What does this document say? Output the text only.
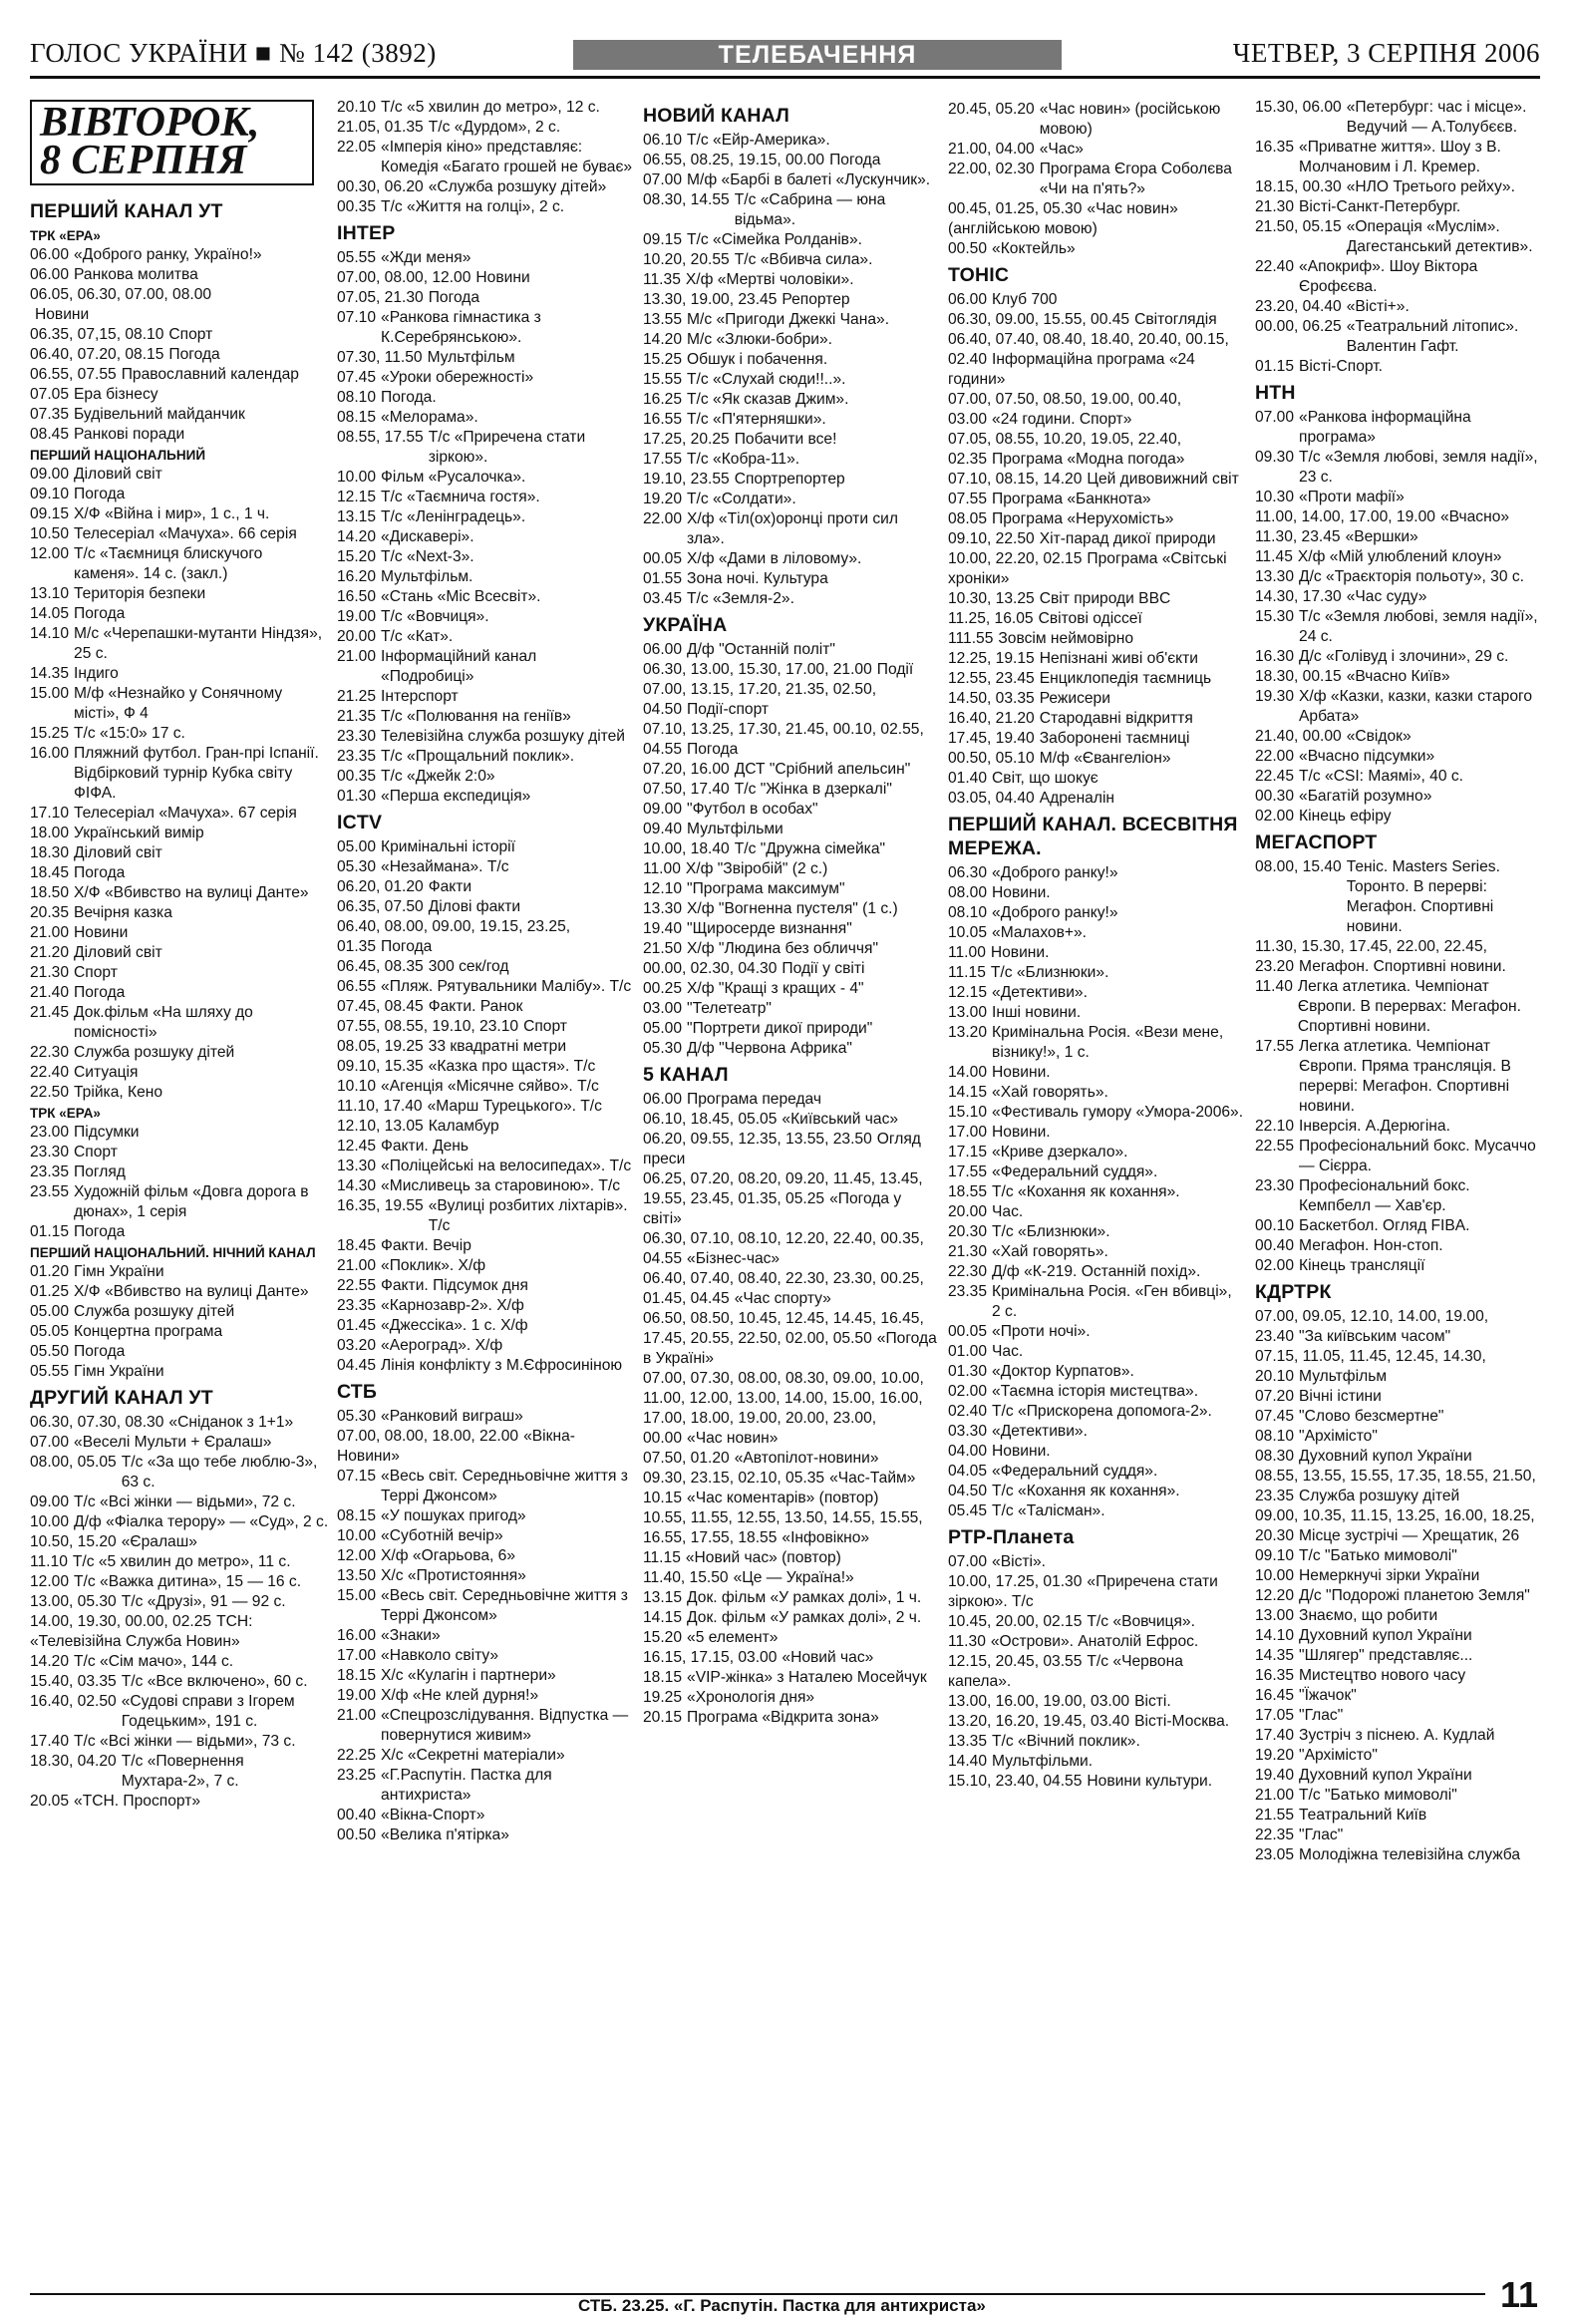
ГОЛОС УКРАЇНИ ■ № 142 (3892)	ТЕЛЕБАЧЕННЯ	ЧЕТВЕР, 3 СЕРПНЯ 2006
ВІВТОРОК,
8 СЕРПНЯ
ПЕРШИЙ КАНАЛ УТ
ТРК «ЕРА»
06.00 «Доброго ранку, Україно!»
06.00 Ранкова молитва
06.05, 06.30, 07.00, 08.00
Новини
06.35, 07,15, 08.10 Спорт
06.40, 07.20, 08.15 Погода
06.55, 07.55 Православний календар
07.05 Ера бізнесу
07.35 Будівельний майданчик
08.45 Ранкові поради
ПЕРШИЙ НАЦІОНАЛЬНИЙ
09.00 Діловий світ
09.10 Погода
09.15 Х/Ф «Війна і мир», 1 с., 1 ч.
10.50 Телесеріал «Мачуха». 66 серія
12.00 Т/с «Таємниця блискучого каменя». 14 с. (закл.)
13.10 Територія безпеки
14.05 Погода
14.10 М/с «Черепашки-мутанти Ніндзя», 25 с.
14.35 Індиго
15.00 М/ф «Незнайко у Сонячному місті», Ф 4
15.25 Т/с «15:0» 17 с.
16.00 Пляжний футбол. Гран-прі Іспанії. Відбірковий турнір Кубка світу ФІФА.
17.10 Телесеріал «Мачуха». 67 серія
18.00 Український вимір
18.30 Діловий світ
18.45 Погода
18.50 Х/Ф «Вбивство на вулиці Данте»
20.35 Вечірня казка
21.00 Новини
21.20 Діловий світ
21.30 Спорт
21.40 Погода
21.45 Док.фільм «На шляху до помісності»
22.30 Служба розшуку дітей
22.40 Ситуація
22.50 Трійка, Кено
ТРК «ЕРА»
23.00 Підсумки
23.30 Спорт
23.35 Погляд
23.55 Художній фільм «Довга дорога в дюнах», 1 серія
01.15 Погода
ПЕРШИЙ НАЦІОНАЛЬНИЙ. НІЧНИЙ КАНАЛ
01.20 Гімн України
01.25 Х/Ф «Вбивство на вулиці Данте»
05.00 Служба розшуку дітей
05.05 Концертна програма
05.50 Погода
05.55 Гімн України
ДРУГИЙ КАНАЛ УТ
06.30, 07.30, 08.30 «Сніданок з 1+1»
07.00 «Веселі Мульти + Єралаш»
08.00, 05.05 Т/с «За що тебе люблю-3», 63 с.
09.00 Т/с «Всі жінки — відьми», 72 с.
10.00 Д/ф «Фіалка терору» — «Суд», 2 с.
10.50, 15.20 «Єралаш»
11.10 Т/с «5 хвилин до метро», 11 с.
12.00 Т/с «Важка дитина», 15 — 16 с.
13.00, 05.30 Т/с «Друзі», 91 — 92 с.
14.00, 19.30, 00.00, 02.25 ТСН: «Телевізійна Служба Новин»
14.20 Т/с «Сім мачо», 144 с.
15.40, 03.35 Т/с «Все включено», 60 с.
16.40, 02.50 «Судові справи з Ігорем Годецьким», 191 с.
17.40 Т/с «Всі жінки — відьми», 73 с.
18.30, 04.20 Т/с «Повернення Мухтара-2», 7 с.
20.05 «ТСН. Проспорт»
20.10 Т/с «5 хвилин до метро», 12 с.
21.05, 01.35 Т/с «Дурдом», 2 с.
22.05 «Імперія кіно» представляє: Комедія «Багато грошей не буває»
00.30, 06.20 «Служба розшуку дітей»
00.35 Т/с «Життя на голці», 2 с.
ІНТЕР
05.55 «Жди меня»
07.00, 08.00, 12.00 Новини
07.05, 21.30 Погода
07.10 «Ранкова гімнастика з К.Серебрянською».
07.30, 11.50 Мультфільм
07.45 «Уроки обережності»
08.10 Погода.
08.15 «Мелорама».
08.55, 17.55 Т/с «Приречена стати зіркою».
10.00 Фільм «Русалочка».
12.15 Т/с «Таємнича гостя».
13.15 Т/с «Ленінградець».
14.20 «Дискавері».
15.20 Т/с «Next-3».
16.20 Мультфільм.
16.50 «Стань «Міс Всесвіт».
19.00 Т/с «Вовчиця».
20.00 Т/с «Кат».
21.00 Інформаційний канал «Подробиці»
21.25 Інтерспорт
21.35 Т/с «Полювання на геніїв»
23.30 Телевізійна служба розшуку дітей
23.35 Т/с «Прощальний поклик».
00.35 Т/с «Джейк 2:0»
01.30 «Перша експедиція»
ICTV
05.00 Кримінальні історії
05.30 «Незаймана». Т/с
06.20, 01.20 Факти
06.35, 07.50 Ділові факти
06.40, 08.00, 09.00, 19.15, 23.25, 01.35 Погода
06.45, 08.35 300 сек/год
06.55 «Пляж. Рятувальники Малібу». Т/с
07.45, 08.45 Факти. Ранок
07.55, 08.55, 19.10, 23.10 Спорт
08.05, 19.25 33 квадратні метри
09.10, 15.35 «Казка про щастя». Т/с
10.10 «Агенція «Місячне сяйво». Т/с
11.10, 17.40 «Марш Турецького». Т/с
12.10, 13.05 Каламбур
12.45 Факти. День
13.30 «Поліцейські на велосипедах». Т/с
14.30 «Мисливець за старовиною». Т/с
16.35, 19.55 «Вулиці розбитих ліхтарів». Т/с
18.45 Факти. Вечір
21.00 «Поклик». Х/ф
22.55 Факти. Підсумок дня
23.35 «Карнозавр-2». Х/ф
01.45 «Джессіка». 1 с. Х/ф
03.20 «Аероград». Х/ф
04.45 Лінія конфлікту з М.Єфросиніною
СТБ
05.30 «Ранковий виграш»
07.00, 08.00, 18.00, 22.00 «Вікна-Новини»
07.15 «Весь світ. Середньовічне життя з Террі Джонсом»
08.15 «У пошуках пригод»
10.00 «Суботній вечір»
12.00 Х/ф «Огарьова, 6»
13.50 Х/с «Протистояння»
15.00 «Весь світ. Середньовічне життя з Террі Джонсом»
16.00 «Знаки»
17.00 «Навколо світу»
18.15 Х/с «Кулагін і партнери»
19.00 Х/ф «Не клей дурня!»
21.00 «Спецрозслідування. Відпустка — повернутися живим»
22.25 Х/с «Секретні матеріали»
23.25 «Г.Распутін. Пастка для антихриста»
00.40 «Вікна-Спорт»
00.50 «Велика п'ятірка»
НОВИЙ КАНАЛ
06.10 Т/с «Ейр-Америка».
06.55, 08.25, 19.15, 00.00 Погода
07.00 М/ф «Барбі в балеті «Лускунчик».
08.30, 14.55 Т/с «Сабрина — юна відьма».
09.15 Т/с «Сімейка Ролданів».
10.20, 20.55 Т/с «Вбивча сила».
11.35 Х/ф «Мертві чоловіки».
13.30, 19.00, 23.45 Репортер
13.55 М/с «Пригоди Джеккі Чана».
14.20 М/с «Злюки-бобри».
15.25 Обшук і побачення.
15.55 Т/с «Слухай сюди!!..».
16.25 Т/с «Як сказав Джим».
16.55 Т/с «П'ятерняшки».
17.25, 20.25 Побачити все!
17.55 Т/с «Кобра-11».
19.10, 23.55 Спортрепортер
19.20 Т/с «Солдати».
22.00 Х/ф «Тіл(ох)оронці проти сил зла».
00.05 Х/ф «Дами в ліловому».
01.55 Зона ночі. Культура
03.45 Т/с «Земля-2».
УКРАЇНА
06.00 Д/ф "Останній політ"
06.30, 13.00, 15.30, 17.00, 21.00 Події
07.00, 13.15, 17.20, 21.35, 02.50, 04.50 Події-спорт
07.10, 13.25, 17.30, 21.45, 00.10, 02.55, 04.55 Погода
07.20, 16.00 ДСТ "Срібний апельсин"
07.50, 17.40 Т/с "Жінка в дзеркалі"
09.00 "Футбол в особах"
09.40 Мультфільми
10.00, 18.40 Т/с "Дружна сімейка"
11.00 Х/ф "Звіробій" (2 с.)
12.10 "Програма максимум"
13.30 Х/ф "Вогненна пустеля" (1 с.)
19.40 "Щиросерде визнання"
21.50 Х/ф "Людина без обличчя"
00.00, 02.30, 04.30 Події у світі
00.25 Х/ф "Кращі з кращих - 4"
03.00 "Телетеатр"
05.00 "Портрети дикої природи"
05.30 Д/ф "Червона Африка"
5 КАНАЛ
06.00 Програма передач
06.10, 18.45, 05.05 «Київський час»
06.20, 09.55, 12.35, 13.55, 23.50 Огляд преси
06.25, 07.20, 08.20, 09.20, 11.45, 13.45, 19.55, 23.45, 01.35, 05.25 «Погода у світі»
06.30, 07.10, 08.10, 12.20, 22.40, 00.35, 04.55 «Бізнес-час»
06.40, 07.40, 08.40, 22.30, 23.30, 00.25, 01.45, 04.45 «Час спорту»
06.50, 08.50, 10.45, 12.45, 14.45, 16.45, 17.45, 20.55, 22.50, 02.00, 05.50 «Погода в Україні»
07.00, 07.30, 08.00, 08.30, 09.00, 10.00, 11.00, 12.00, 13.00, 14.00, 15.00, 16.00, 17.00, 18.00, 19.00, 20.00, 23.00, 00.00 «Час новин»
07.50, 01.20 «Автопілот-новини»
09.30, 23.15, 02.10, 05.35 «Час-Тайм»
10.15 «Час коментарів» (повтор)
10.55, 11.55, 12.55, 13.50, 14.55, 15.55, 16.55, 17.55, 18.55 «Інфовікно»
11.15 «Новий час» (повтор)
11.40, 15.50 «Це — Україна!»
13.15 Док. фільм «У рамках долі», 1 ч.
14.15 Док. фільм «У рамках долі», 2 ч.
15.20 «5 елемент»
16.15, 17.15, 03.00 «Новий час»
18.15 «VIP-жінка» з Наталею Мосейчук
19.25 «Хронологія дня»
20.15 Програма «Відкрита зона»
20.45, 05.20 «Час новин» (російською мовою)
21.00, 04.00 «Час»
22.00, 02.30 Програма Єгора Соболєва «Чи на п'ять?»
00.45, 01.25, 05.30 «Час новин» (англійською мовою)
00.50 «Коктейль»
ТОНІС
06.00 Клуб 700
06.30, 09.00, 15.55, 00.45 Світоглядія
06.40, 07.40, 08.40, 18.40, 20.40, 00.15, 02.40 Інформаційна програма «24 години»
07.00, 07.50, 08.50, 19.00, 00.40, 03.00 «24 години. Спорт»
07.05, 08.55, 10.20, 19.05, 22.40, 02.35 Програма «Модна погода»
07.10, 08.15, 14.20 Цей дивовижний світ
07.55 Програма «Банкнота»
08.05 Програма «Нерухомість»
09.10, 22.50 Хіт-парад дикої природи
10.00, 22.20, 02.15 Програма «Світські хроніки»
10.30, 13.25 Світ природи BBC
11.25, 16.05 Світові одіссеї
111.55 Зовсім неймовірно
12.25, 19.15 Непізнані живі об'єкти
12.55, 23.45 Енциклопедія таємниць
14.50, 03.35 Режисери
16.40, 21.20 Стародавні відкриття
17.45, 19.40 Заборонені таємниці
00.50, 05.10 М/ф «Євангеліон»
01.40 Світ, що шокує
03.05, 04.40 Адреналін
ПЕРШИЙ КАНАЛ. ВСЕСВІТНЯ МЕРЕЖА.
06.30 «Доброго ранку!»
08.00 Новини.
08.10 «Доброго ранку!»
10.05 «Малахов+».
11.00 Новини.
11.15 Т/с «Близнюки».
12.15 «Детективи».
13.00 Інші новини.
13.20 Кримінальна Росія. «Вези мене, візнику!», 1 с.
14.00 Новини.
14.15 «Хай говорять».
15.10 «Фестиваль гумору «Умора-2006».
17.00 Новини.
17.15 «Криве дзеркало».
17.55 «Федеральний суддя».
18.55 Т/с «Кохання як кохання».
20.00 Час.
20.30 Т/с «Близнюки».
21.30 «Хай говорять».
22.30 Д/ф «К-219. Останній похід».
23.35 Кримінальна Росія. «Ген вбивці», 2 с.
00.05 «Проти ночі».
01.00 Час.
01.30 «Доктор Курпатов».
02.00 «Таємна історія мистецтва».
02.40 Т/с «Прискорена допомога-2».
03.30 «Детективи».
04.00 Новини.
04.05 «Федеральний суддя».
04.50 Т/с «Кохання як кохання».
05.45 Т/с «Талісман».
РТР-Планета
07.00 «Вісті».
10.00, 17.25, 01.30 «Приречена стати зіркою». Т/с
10.45, 20.00, 02.15 Т/с «Вовчиця».
11.30 «Острови». Анатолій Ефрос.
12.15, 20.45, 03.55 Т/с «Червона капела».
13.00, 16.00, 19.00, 03.00 Вісті.
13.20, 16.20, 19.45, 03.40 Вісті-Москва.
13.35 Т/с «Вічний поклик».
14.40 Мультфільми.
15.10, 23.40, 04.55 Новини культури.
15.30, 06.00 «Петербург: час і місце». Ведучий — А.Толубєєв.
16.35 «Приватне життя». Шоу з В. Молчановим і Л. Кремер.
18.15, 00.30 «НЛО Третього рейху».
21.30 Вісті-Санкт-Петербург.
21.50, 05.15 «Операція «Муслім». Дагестанський детектив».
22.40 «Апокриф». Шоу Віктора Єрофєєва.
23.20, 04.40 «Вісті+».
00.00, 06.25 «Театральний літопис». Валентин Гафт.
01.15 Вісті-Спорт.
НТН
07.00 «Ранкова інформаційна програма»
09.30 Т/с «Земля любові, земля надії», 23 с.
10.30 «Проти мафії»
11.00, 14.00, 17.00, 19.00 «Вчасно»
11.30, 23.45 «Вершки»
11.45 Х/ф «Мій улюблений клоун»
13.30 Д/с «Траєкторія польоту», 30 с.
14.30, 17.30 «Час суду»
15.30 Т/с «Земля любові, земля надії», 24 с.
16.30 Д/с «Голівуд і злочини», 29 с.
18.30, 00.15 «Вчасно Київ»
19.30 Х/ф «Казки, казки, казки старого Арбата»
21.40, 00.00 «Свідок»
22.00 «Вчасно підсумки»
22.45 Т/с «CSI: Маямі», 40 с.
00.30 «Багатій розумно»
02.00 Кінець ефіру
МЕГАСПОРТ
08.00, 15.40 Теніс. Masters Series. Торонто. В перерві: Мегафон. Спортивні новини.
11.30, 15.30, 17.45, 22.00, 22.45, 23.20 Мегафон. Спортивні новини.
11.40 Легка атлетика. Чемпіонат Європи. В перервах: Мегафон. Спортивні новини.
17.55 Легка атлетика. Чемпіонат Європи. Пряма трансляція. В перерві: Мегафон. Спортивні новини.
22.10 Інверсія. А.Дерюгіна.
22.55 Професіональний бокс. Мусаччо — Сієрра.
23.30 Професіональний бокс. Кемпбелл — Хав'єр.
00.10 Баскетбол. Огляд FIBA.
00.40 Мегафон. Нон-стоп.
02.00 Кінець трансляції
КДРТРК
07.00, 09.05, 12.10, 14.00, 19.00, 23.40 "За київським часом"
07.15, 11.05, 11.45, 12.45, 14.30, 20.10 Мультфільм
07.20 Вічні істини
07.45 "Слово безсмертне"
08.10 "Архімісто"
08.30 Духовний купол України
08.55, 13.55, 15.55, 17.35, 18.55, 21.50, 23.35 Служба розшуку дітей
09.00, 10.35, 11.15, 13.25, 16.00, 18.25, 20.30 Місце зустрічі — Хрещатик, 26
09.10 Т/с "Батько мимоволі"
10.00 Немеркнучі зірки України
12.20 Д/с "Подорожі планетою Земля"
13.00 Знаємо, що робити
14.10 Духовний купол України
14.35 "Шлягер" представляє...
16.35 Мистецтво нового часу
16.45 "Їжачок"
17.05 "Глас"
17.40 Зустріч з піснею. А. Кудлай
19.20 "Архімісто"
19.40 Духовний купол України
21.00 Т/с "Батько мимоволі"
21.55 Театральний Київ
22.35 "Глас"
23.05 Молодіжна телевізійна служба
СТБ. 23.25. «Г. Распутін. Пастка для антихриста»	11
